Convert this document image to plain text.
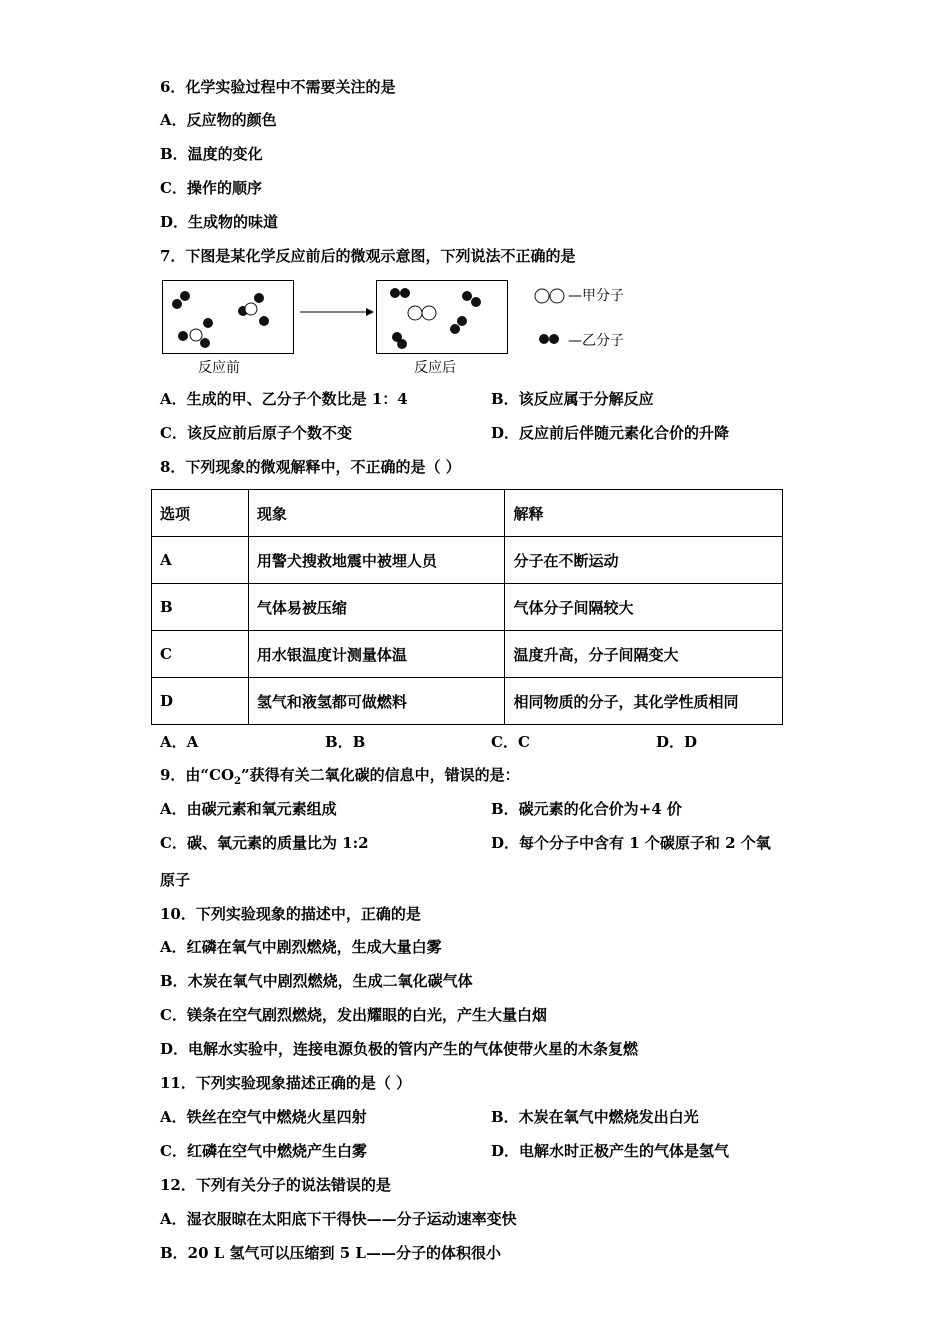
6．化学实验过程中不需要关注的是
A．反应物的颜色
B．温度的变化
C．操作的顺序
D．生成物的味道
7．下图是某化学反应前后的微观示意图，下列说法不正确的是
反应前	反应后
—甲分子
—乙分子
A．生成的甲、乙分子个数比是 1：4	B．该反应属于分解反应
C．该反应前后原子个数不变	D．反应前后伴随元素化合价的升降
8．下列现象的微观解释中，不正确的是（ ）
选项	现象	解释
A	用警犬搜救地震中被埋人员	分子在不断运动
B	气体易被压缩	气体分子间隔较大
C	用水银温度计测量体温	温度升高，分子间隔变大
D	氢气和液氢都可做燃料	相同物质的分子，其化学性质相同
A．A	B．B	C．C	D．D
9．由“$CO_2$”获得有关二氧化碳的信息中，错误的是：
A．由碳元素和氧元素组成	B．碳元素的化合价为+4 价
C．碳、氧元素的质量比为 1:2	D．每个分子中含有 1 个碳原子和 2 个氧
原子
10．下列实验现象的描述中，正确的是
A．红磷在氧气中剧烈燃烧，生成大量白雾
B．木炭在氧气中剧烈燃烧，生成二氧化碳气体
C．镁条在空气剧烈燃烧，发出耀眼的白光，产生大量白烟
D．电解水实验中，连接电源负极的管内产生的气体使带火星的木条复燃
11．下列实验现象描述正确的是（ ）
A．铁丝在空气中燃烧火星四射	B．木炭在氧气中燃烧发出白光
C．红磷在空气中燃烧产生白雾	D．电解水时正极产生的气体是氢气
12．下列有关分子的说法错误的是
A．湿衣服晾在太阳底下干得快——分子运动速率变快
B．20 L 氢气可以压缩到 5 L——分子的体积很小
